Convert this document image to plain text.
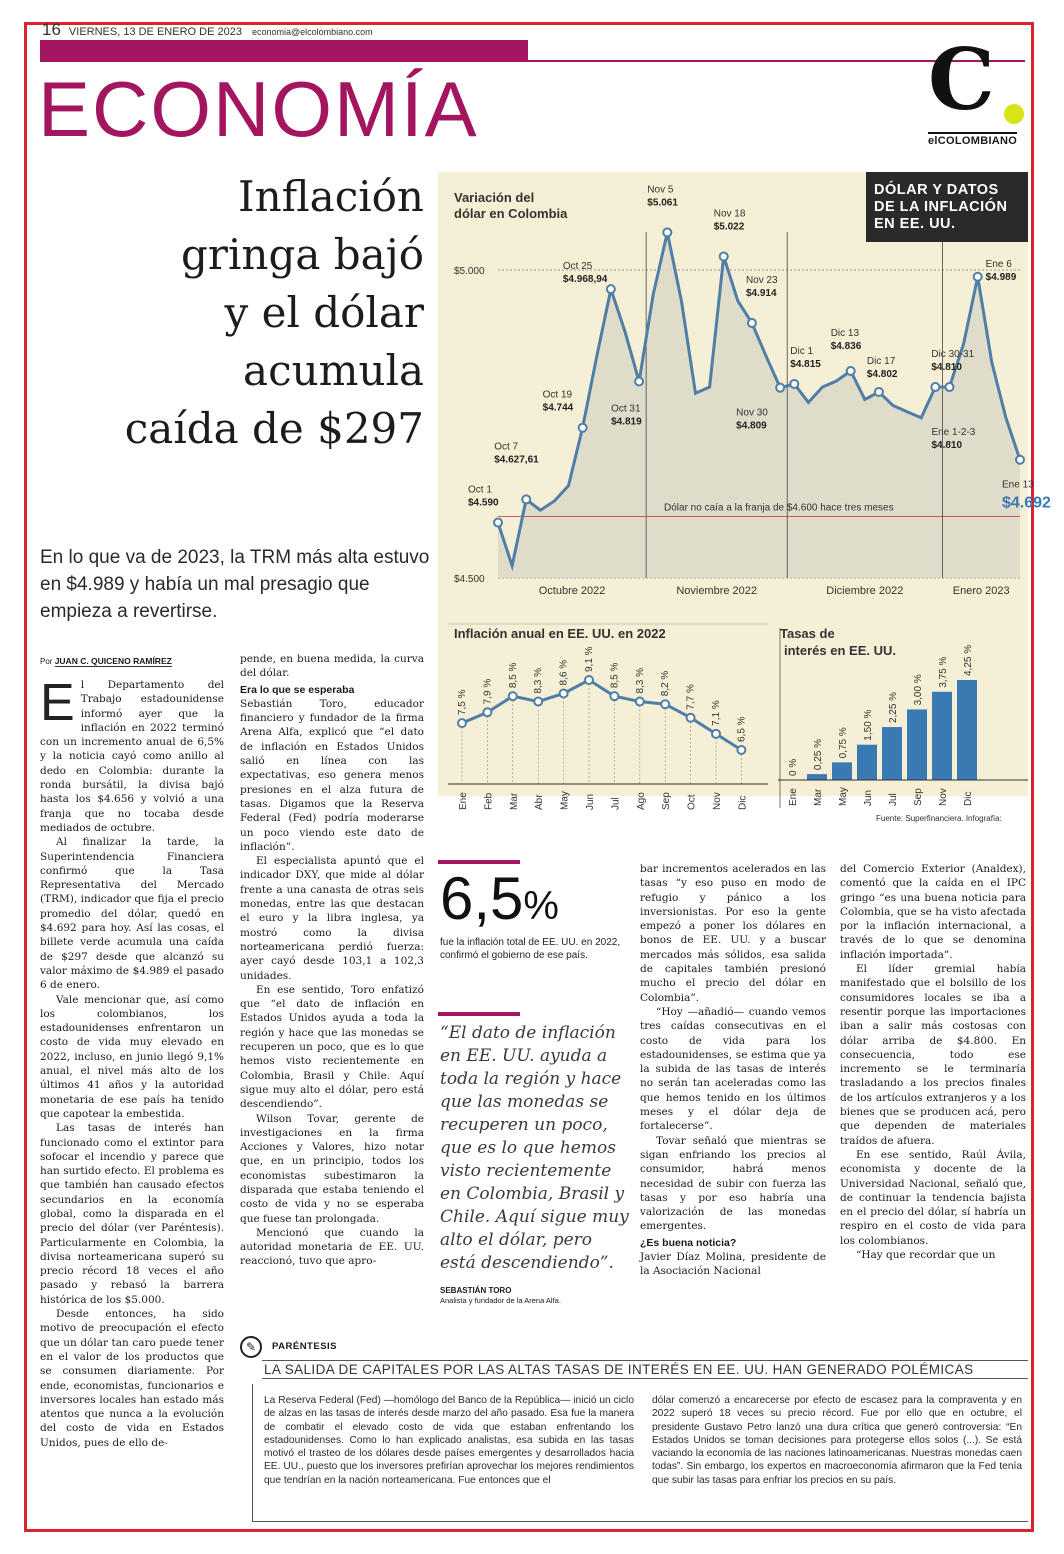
16 VIERNES, 13 DE ENERO DE 2023 economia@elcolombiano.com
ECONOMÍA	C
elCOLOMBIANO
Inflación
gringa bajó
y el dólar
acumula
caída de $297
En lo que va de 2023, la TRM más alta estuvo en $4.989 y había un mal presagio que empieza a revertirse.
Por JUAN C. QUICENO RAMÍREZ

El Departamento del Trabajo estadounidense informó ayer que la inflación en 2022 terminó con un incremento anual de 6,5% y la noticia cayó como anillo al dedo en Colombia: durante la ronda bursátil, la divisa bajó hasta los $4.656 y volvió a una franja que no tocaba desde mediados de octubre.

Al finalizar la tarde, la Superintendencia Financiera confirmó que la Tasa Representativa del Mercado (TRM), indicador que fija el precio promedio del dólar, quedó en $4.692 para hoy. Así las cosas, el billete verde acumula una caída de $297 desde que alcanzó su valor máximo de $4.989 el pasado 6 de enero.

Vale mencionar que, así como los colombianos, los estadounidenses enfrentaron un costo de vida muy elevado en 2022, incluso, en junio llegó 9,1% anual, el nivel más alto de los últimos 41 años y la autoridad monetaria de ese país ha tenido que capotear la embestida.

Las tasas de interés han funcionado como el extintor para sofocar el incendio y parece que han surtido efecto. El problema es que también han causado efectos secundarios en la economía global, como la disparada en el precio del dólar (ver Paréntesis). Particularmente en Colombia, la divisa norteamericana superó su precio récord 18 veces el año pasado y rebasó la barrera histórica de los $5.000.

Desde entonces, ha sido motivo de preocupación el efecto que un dólar tan caro puede tener en el valor de los productos que se consumen diariamente. Por ende, economistas, funcionarios e inversores locales han estado más atentos que nunca a la evolución del costo de vida en Estados Unidos, pues de ello de-

pende, en buena medida, la curva del dólar.

Era lo que se esperaba

Sebastián Toro, educador financiero y fundador de la firma Arena Alfa, explicó que “el dato de inflación en Estados Unidos salió en línea con las expectativas, eso genera menos presiones en el alza futura de tasas. Digamos que la Reserva Federal (Fed) podría moderarse un poco viendo este dato de inflación”.

El especialista apuntó que el indicador DXY, que mide al dólar frente a una canasta de otras seis monedas, entre las que destacan el euro y la libra inglesa, ya mostró como la divisa norteamericana perdió fuerza: ayer cayó desde 103,1 a 102,3 unidades.

En ese sentido, Toro enfatizó que “el dato de inflación en Estados Unidos ayuda a toda la región y hace que las monedas se recuperen un poco, que es lo que hemos visto recientemente en Colombia, Brasil y Chile. Aquí sigue muy alto el dólar, pero está descendiendo”.

Wilson Tovar, gerente de investigaciones en la firma Acciones y Valores, hizo notar que, en un principio, todos los economistas subestimaron la disparada que estaba teniendo el costo de vida y no se esperaba que fuese tan prolongada.

Mencionó que cuando la autoridad monetaria de EE. UU. reaccionó, tuvo que apro-

bar incrementos acelerados en las tasas “y eso puso en modo de refugio y pánico a los inversionistas. Por eso la gente empezó a poner los dólares en bonos de EE. UU. y a buscar mercados más sólidos, esa salida de capitales también presionó mucho el precio del dólar en Colombia”.

“Hoy —añadió— cuando vemos tres caídas consecutivas en el costo de vida para los estadounidenses, se estima que ya la subida de las tasas de interés no serán tan aceleradas como las que hemos tenido en los últimos meses y el dólar deja de fortalecerse”.

Tovar señaló que mientras se sigan enfriando los precios al consumidor, habrá menos necesidad de subir con fuerza las tasas y por eso habría una valorización de las monedas emergentes.

¿Es buena noticia?

Javier Díaz Molina, presidente de la Asociación Nacional

del Comercio Exterior (Analdex), comentó que la caída en el IPC gringo “es una buena noticia para Colombia, que se ha visto afectada por la inflación internacional, a través de lo que se denomina inflación importada”.

El líder gremial había manifestado que el bolsillo de los consumidores locales se iba a resentir porque las importaciones iban a salir más costosas con dólar arriba de $4.800. En consecuencia, todo ese incremento se le terminaría trasladando a los precios finales de los artículos extranjeros y a los bienes que se producen acá, pero que dependen de materiales traídos de afuera.

En ese sentido, Raúl Ávila, economista y docente de la Universidad Nacional, señaló que, de continuar la tendencia bajista en el precio del dólar, sí habría un respiro en el costo de vida para los colombianos.

“Hay que recordar que un

Variación del
dólar en Colombia
$5.000
$4.500
Octubre 2022	Noviembre 2022	Diciembre 2022	Enero 2023
Dólar no caía a la franja de $4.600 hace tres meses
Oct 1
$4.590
Oct 7
$4.627,61
Oct 19
$4.744
Oct 25
$4.968,94
Oct 31
$4.819
Nov 5
$5.061
Nov 18
$5.022
Nov 23
$4.914
Nov 30
$4.809
Dic 1
$4.815
Dic 13
$4.836
Dic 17
$4.802
Dic 30-31
$4.810
Ene 1-2-3
$4.810
Ene 6
$4.989
Ene 13
$4.692
Inflación anual en EE. UU. en 2022
7,5 %
Ene
7,9 %
Feb
8,5 %
Mar
8,3 %
Abr
8,6 %
May
9,1 %
Jun
8,5 %
Jul
8,3 %
Ago
8,2 %
Sep
7,7 %
Oct
7,1 %
Nov
6,5 %
Dic
Tasas de
interés en EE. UU.
0 %
Ene
0,25 %
Mar
0,75 %
May
1,50 %
Jun
2,25 %
Jul
3,00 %
Sep
3,75 %
Nov
4,25 %
Dic
DÓLAR Y DATOS
DE LA INFLACIÓN
EN EE. UU.
Fuente: Superfinanciera. Infografía:
6,5%
fue la inflación total de EE. UU. en 2022, confirmó el gobierno de ese país.
“El dato de inflación en EE. UU. ayuda a toda la región y hace que las monedas se recuperen un poco, que es lo que hemos visto recientemente en Colombia, Brasil y Chile. Aquí sigue muy alto el dólar, pero está descendiendo”.
SEBASTIÁN TORO
Analista y fundador de la Arena Alfa.
✎	PARÉNTESIS
LA SALIDA DE CAPITALES POR LAS ALTAS TASAS DE INTERÉS EN EE. UU. HAN GENERADO POLÉMICAS
La Reserva Federal (Fed) —homólogo del Banco de la República— inició un ciclo de alzas en las tasas de interés desde marzo del año pasado. Esa fue la manera de combatir el elevado costo de vida que estaban enfrentando los estadounidenses. Como lo han explicado analistas, esa subida en las tasas motivó el trasteo de los dólares desde países emergentes y desarrollados hacia EE. UU., puesto que los inversores prefirían aprovechar los mejores rendimientos que tendrían en la nación norteamericana. Fue entonces que el
dólar comenzó a encarecerse por efecto de escasez para la compraventa y en 2022 superó 18 veces su precio récord. Fue por ello que en octubre, el presidente Gustavo Petro lanzó una dura crítica que generó controversia: “En Estados Unidos se toman decisiones para protegerse ellos solos (...). Se está vaciando la economía de las naciones latinoamericanas. Nuestras monedas caen todas”. Sin embargo, los expertos en macroeconomía afirmaron que la Fed tenía que subir las tasas para enfriar los precios en su país.
